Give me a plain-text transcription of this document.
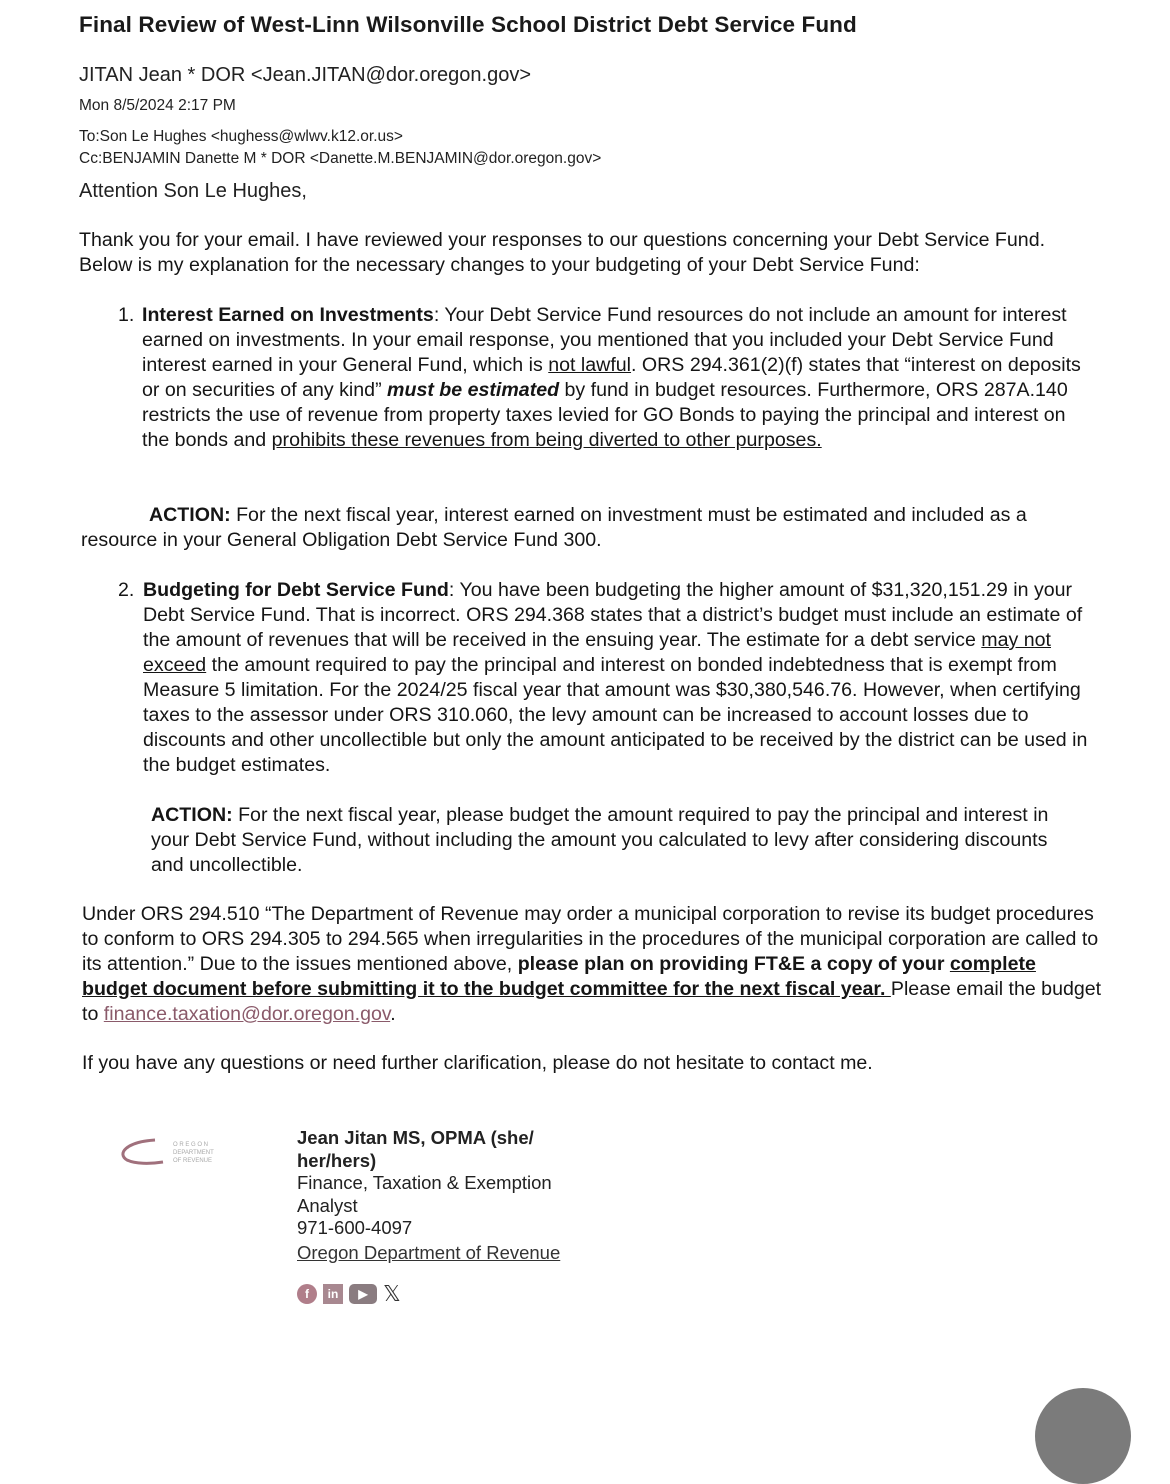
Final Review of West-Linn Wilsonville School District Debt Service Fund
JITAN Jean * DOR <Jean.JITAN@dor.oregon.gov>
Mon 8/5/2024 2:17 PM
To:Son Le Hughes <hughess@wlwv.k12.or.us>
Cc:BENJAMIN Danette M * DOR <Danette.M.BENJAMIN@dor.oregon.gov>
Attention Son Le Hughes,
Thank you for your email. I have reviewed your responses to our questions concerning your Debt Service Fund. Below is my explanation for the necessary changes to your budgeting of your Debt Service Fund:
1. Interest Earned on Investments: Your Debt Service Fund resources do not include an amount for interest earned on investments. In your email response, you mentioned that you included your Debt Service Fund interest earned in your General Fund, which is not lawful. ORS 294.361(2)(f) states that “interest on deposits or on securities of any kind” must be estimated by fund in budget resources. Furthermore, ORS 287A.140 restricts the use of revenue from property taxes levied for GO Bonds to paying the principal and interest on the bonds and prohibits these revenues from being diverted to other purposes.
ACTION: For the next fiscal year, interest earned on investment must be estimated and included as a resource in your General Obligation Debt Service Fund 300.
2. Budgeting for Debt Service Fund: You have been budgeting the higher amount of $31,320,151.29 in your Debt Service Fund. That is incorrect. ORS 294.368 states that a district’s budget must include an estimate of the amount of revenues that will be received in the ensuing year. The estimate for a debt service may not exceed the amount required to pay the principal and interest on bonded indebtedness that is exempt from Measure 5 limitation. For the 2024/25 fiscal year that amount was $30,380,546.76. However, when certifying taxes to the assessor under ORS 310.060, the levy amount can be increased to account losses due to discounts and other uncollectible but only the amount anticipated to be received by the district can be used in the budget estimates.
ACTION: For the next fiscal year, please budget the amount required to pay the principal and interest in your Debt Service Fund, without including the amount you calculated to levy after considering discounts and uncollectible.
Under ORS 294.510 “The Department of Revenue may order a municipal corporation to revise its budget procedures to conform to ORS 294.305 to 294.565 when irregularities in the procedures of the municipal corporation are called to its attention.” Due to the issues mentioned above, please plan on providing FT&E a copy of your complete budget document before submitting it to the budget committee for the next fiscal year. Please email the budget to finance.taxation@dor.oregon.gov.
If you have any questions or need further clarification, please do not hesitate to contact me.
O R E G O N
DEPARTMENT
OF REVENUE
Jean Jitan MS, OPMA (she/ her/hers)
Finance, Taxation & Exemption Analyst
971-600-4097
Oregon Department of Revenue
f	in	▶ 𝕏
